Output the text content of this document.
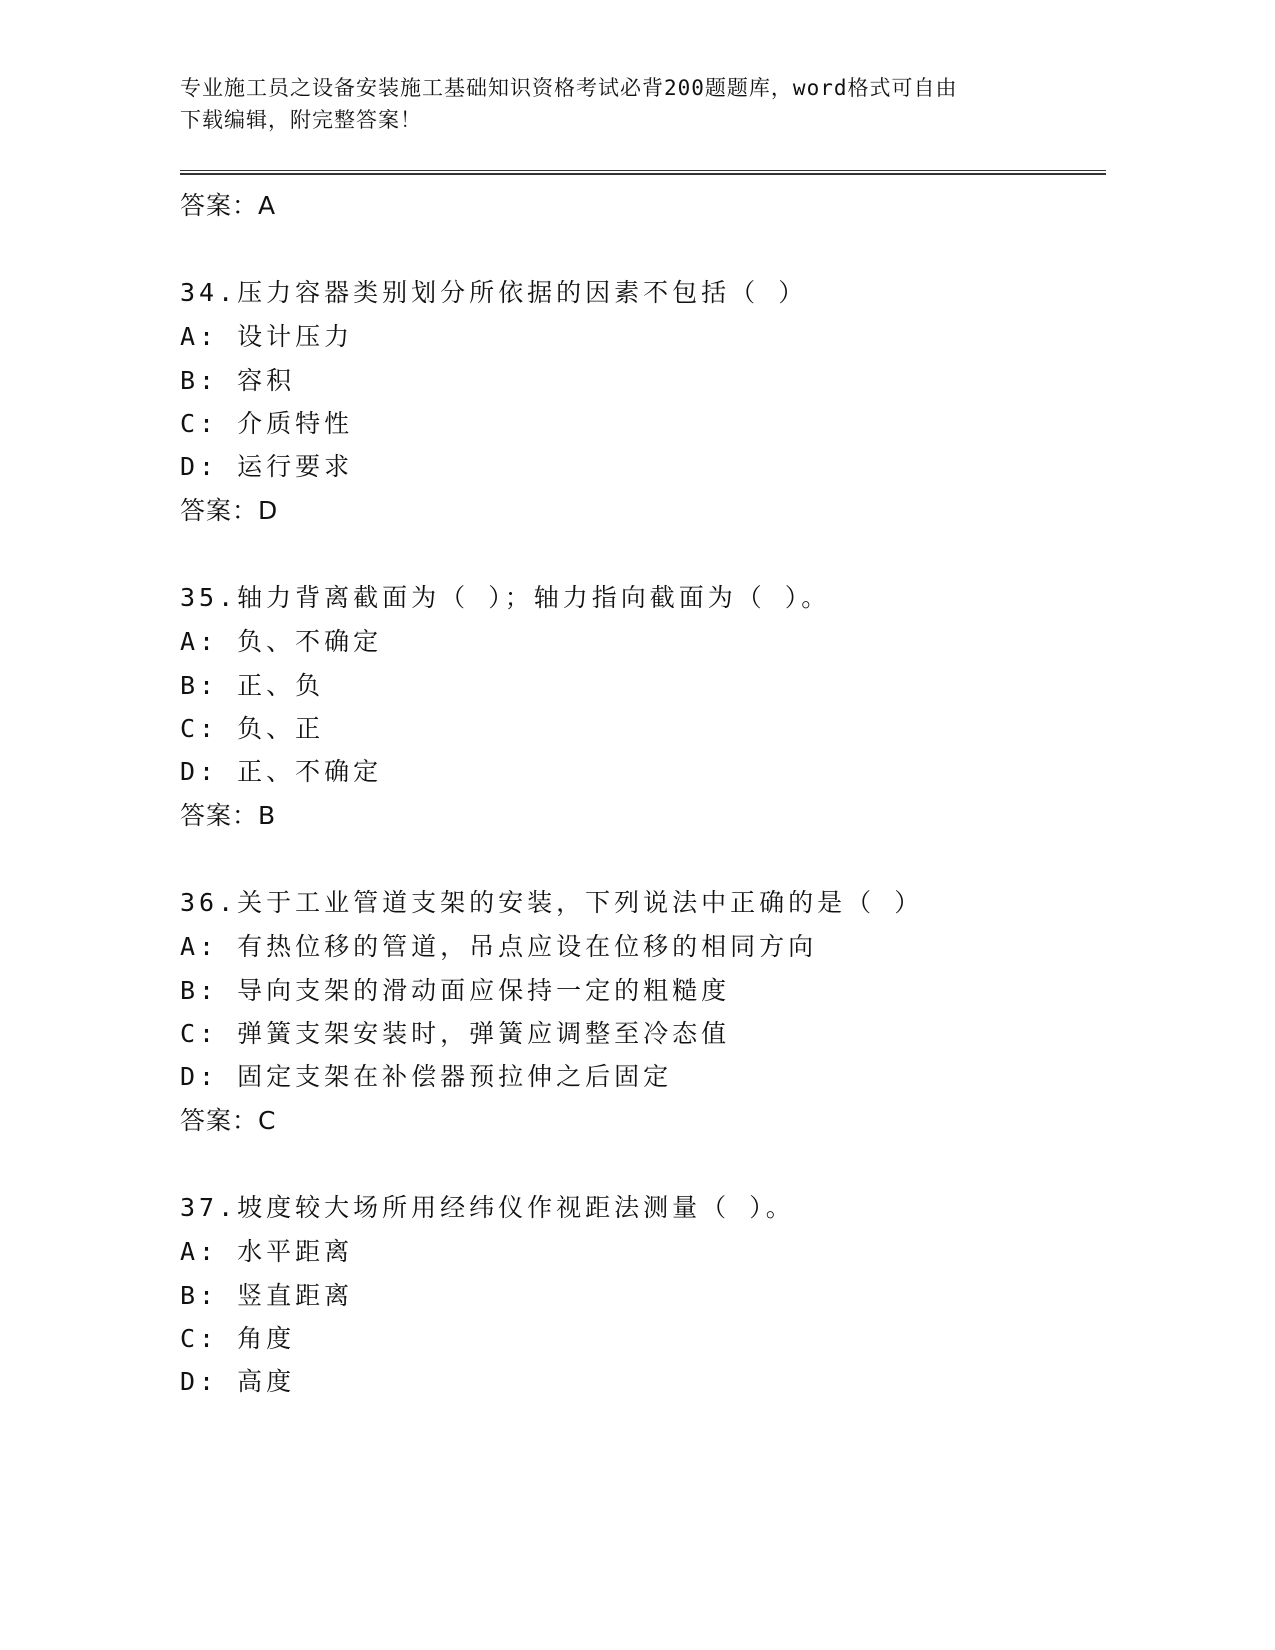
专业施工员之设备安装施工基础知识资格考试必背200题题库，word格式可自由
下载编辑，附完整答案！
答案：A
34.压力容器类别划分所依据的因素不包括（ ）
A: 设计压力
B: 容积
C: 介质特性
D: 运行要求
答案：D
35.轴力背离截面为（ ）；轴力指向截面为（ ）。
A: 负、不确定
B: 正、负
C: 负、正
D: 正、不确定
答案：B
36.关于工业管道支架的安装，下列说法中正确的是（ ）
A: 有热位移的管道，吊点应设在位移的相同方向
B: 导向支架的滑动面应保持一定的粗糙度
C: 弹簧支架安装时，弹簧应调整至冷态值
D: 固定支架在补偿器预拉伸之后固定
答案：C
37.坡度较大场所用经纬仪作视距法测量（ ）。
A: 水平距离
B: 竖直距离
C: 角度
D: 高度
